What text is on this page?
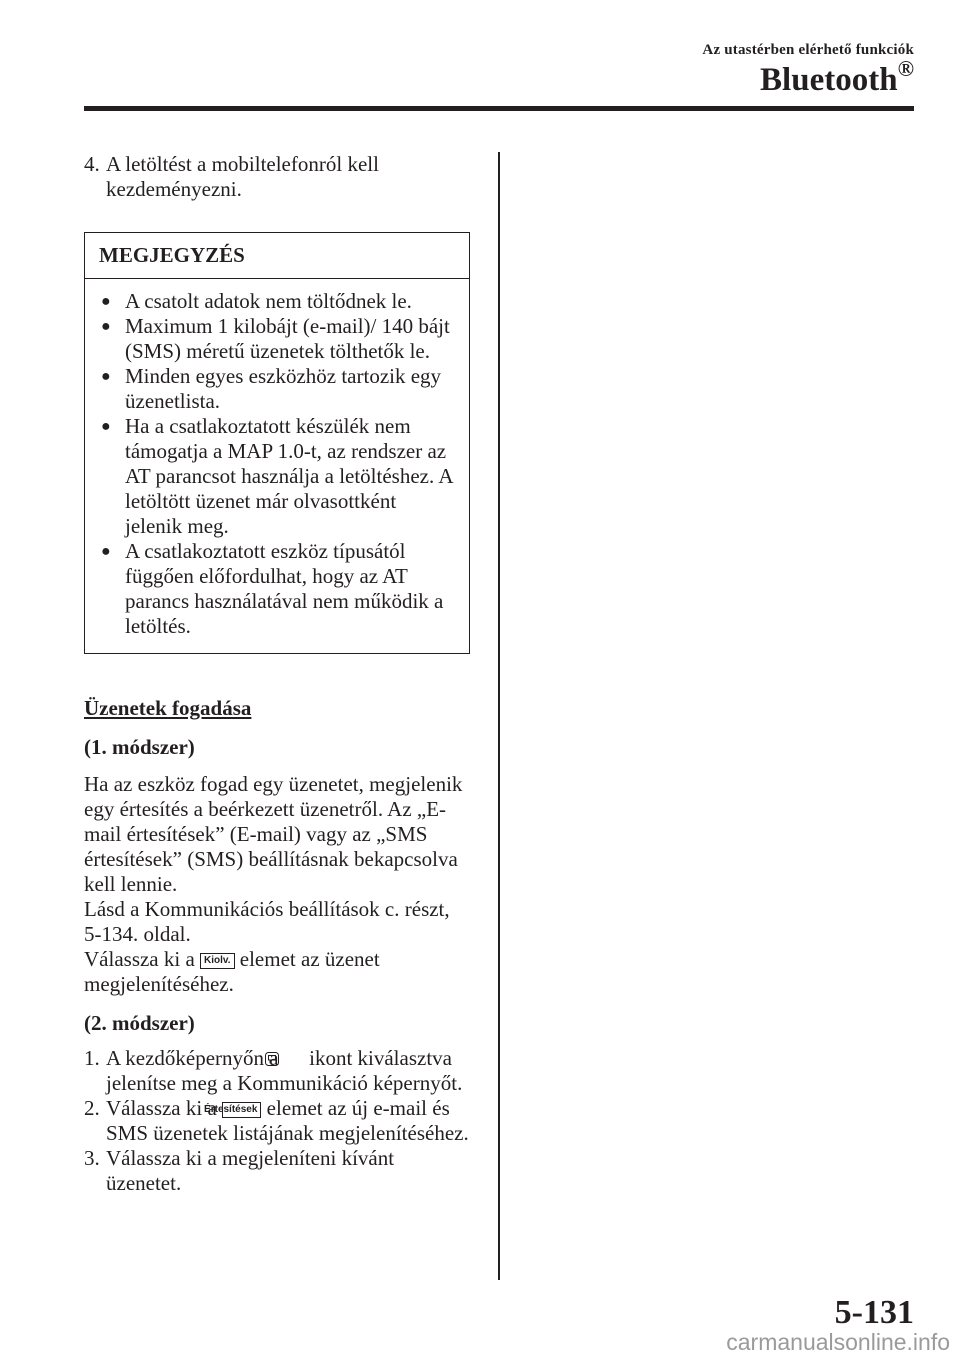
Az utastérben elérhető funkciók
Bluetooth®

4. A letöltést a mobiltelefonról kell kezdeményezni.

MEGJEGYZÉS

● A csatolt adatok nem töltődnek le.

● Maximum 1 kilobájt (e-mail)/ 140 bájt (SMS) méretű üzenetek tölthetők le.

● Minden egyes eszközhöz tartozik egy üzenetlista.

● Ha a csatlakoztatott készülék nem támogatja a MAP 1.0-t, az rendszer az AT parancsot használja a letöltéshez. A letöltött üzenet már olvasottként jelenik meg.

● A csatlakoztatott eszköz típusától függően előfordulhat, hogy az AT parancs használatával nem működik a letöltés.

Üzenetek fogadása
(1. módszer)

Ha az eszköz fogad egy üzenetet, megjelenik egy értesítés a beérkezett üzenetről. Az „E-mail értesítések” (E-mail) vagy az „SMS értesítések” (SMS) beállításnak bekapcsolva kell lennie.

Lásd a Kommunikációs beállítások c. részt, 5-134. oldal.

Válassza ki a Kiolv. elemet az üzenet megjelenítéséhez.

(2. módszer)

1. A kezdőképernyőn a ikont kiválasztva jelenítse meg a Kommunikáció képernyőt.

2. Válassza ki a Értesítések elemet az új e-mail és SMS üzenetek listájának megjelenítéséhez.

3. Válassza ki a megjeleníteni kívánt üzenetet.

5-131
carmanualsonline.info
